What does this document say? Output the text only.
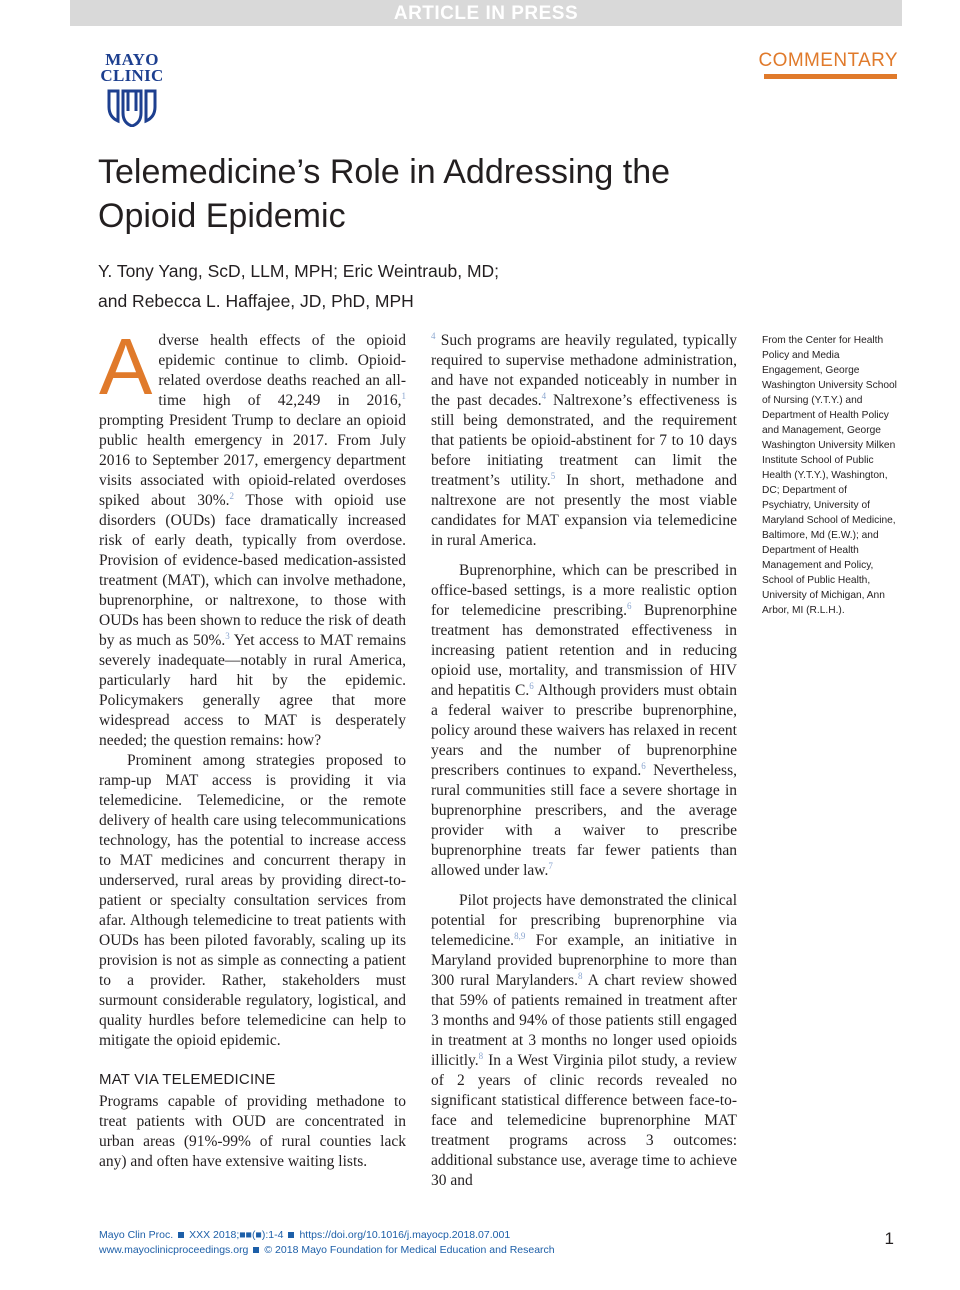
ARTICLE IN PRESS
MAYO
CLINIC
COMMENTARY
Telemedicine’s Role in Addressing the Opioid Epidemic
Y. Tony Yang, ScD, LLM, MPH; Eric Weintraub, MD;
and Rebecca L. Haffajee, JD, PhD, MPH

Adverse health effects of the opioid epidemic continue to climb. Opioid-related overdose deaths reached an all-time high of 42,249 in 2016,$^1$ prompting President Trump to declare an opioid public health emergency in 2017. From July 2016 to September 2017, emergency department visits associated with opioid-related overdoses spiked about 30%.$^2$ Those with opioid use disorders (OUDs) face dramatically increased risk of early death, typically from overdose. Provision of evidence-based medication-assisted treatment (MAT), which can involve methadone, buprenorphine, or naltrexone, to those with OUDs has been shown to reduce the risk of death by as much as 50%.$^3$ Yet access to MAT remains severely inadequate—notably in rural America, particularly hard hit by the epidemic. Policymakers generally agree that more widespread access to MAT is desperately needed; the question remains: how?

Prominent among strategies proposed to ramp-up MAT access is providing it via telemedicine. Telemedicine, or the remote delivery of health care using telecommunications technology, has the potential to increase access to MAT medicines and concurrent therapy in underserved, rural areas by providing direct-to-patient or specialty consultation services from afar. Although telemedicine to treat patients with OUDs has been piloted favorably, scaling up its provision is not as simple as connecting a patient to a provider. Rather, stakeholders must surmount considerable regulatory, logistical, and quality hurdles before telemedicine can help to mitigate the opioid epidemic.

MAT VIA TELEMEDICINE

Programs capable of providing methadone to treat patients with OUD are concentrated in urban areas (91%-99% of rural counties lack any) and often have extensive waiting lists.

$^4$ Such programs are heavily regulated, typically required to supervise methadone administration, and have not expanded noticeably in number in the past decades.$^4$ Naltrexone’s effectiveness is still being demonstrated, and the requirement that patients be opioid-abstinent for 7 to 10 days before initiating treatment can limit the treatment’s utility.$^5$ In short, methadone and naltrexone are not presently the most viable candidates for MAT expansion via telemedicine in rural America.

Buprenorphine, which can be prescribed in office-based settings, is a more realistic option for telemedicine prescribing.$^6$ Buprenorphine treatment has demonstrated effectiveness in increasing patient retention and in reducing opioid use, mortality, and transmission of HIV and hepatitis C.$^6$ Although providers must obtain a federal waiver to prescribe buprenorphine, policy around these waivers has relaxed in recent years and the number of buprenorphine prescribers continues to expand.$^6$ Nevertheless, rural communities still face a severe shortage in buprenorphine prescribers, and the average provider with a waiver to prescribe buprenorphine treats far fewer patients than allowed under law.$^7$

Pilot projects have demonstrated the clinical potential for prescribing buprenorphine via telemedicine.$^{8,9}$ For example, an initiative in Maryland provided buprenorphine to more than 300 rural Marylanders.$^8$ A chart review showed that 59% of patients remained in treatment after 3 months and 94% of those patients still engaged in treatment at 3 months no longer used opioids illicitly.$^8$ In a West Virginia pilot study, a review of 2 years of clinic records revealed no significant statistical difference between face-to-face and telemedicine buprenorphine MAT treatment programs across 3 outcomes: additional substance use, average time to achieve 30 and

From the Center for Health Policy and Media Engagement, George Washington University School of Nursing (Y.T.Y.) and Department of Health Policy and Management, George Washington University Milken Institute School of Public Health (Y.T.Y.), Washington, DC; Department of Psychiatry, University of Maryland School of Medicine, Baltimore, Md (E.W.); and Department of Health Management and Policy, School of Public Health, University of Michigan, Ann Arbor, MI (R.L.H.).
Mayo Clin Proc. XXX 2018;■■(■):1-4 https://doi.org/10.1016/j.mayocp.2018.07.001
www.mayoclinicproceedings.org © 2018 Mayo Foundation for Medical Education and Research
1
